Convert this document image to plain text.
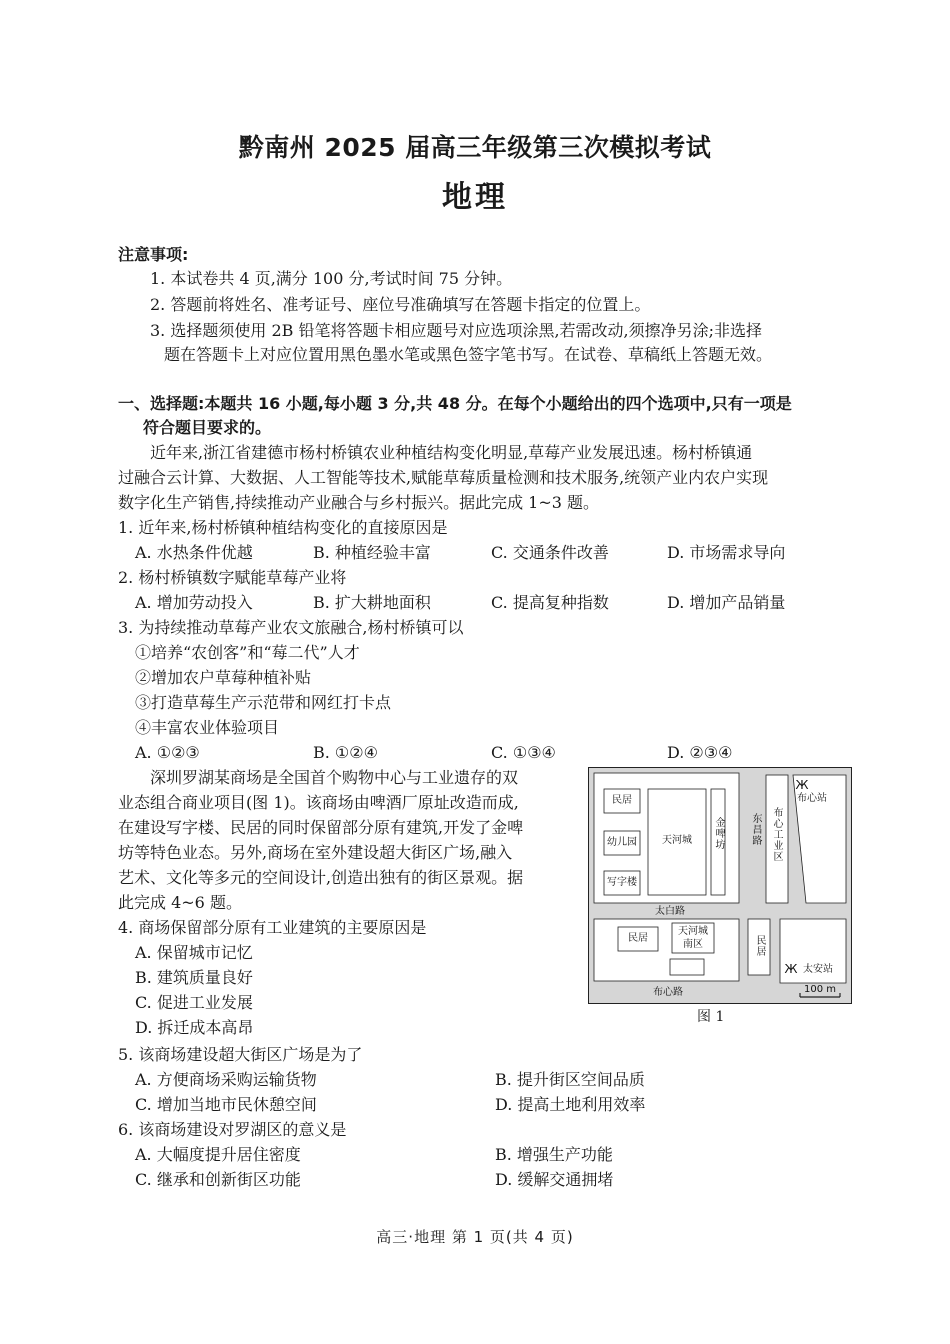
黔南州 2025 届高三年级第三次模拟考试
地理
注意事项:
1. 本试卷共 4 页,满分 100 分,考试时间 75 分钟。
2. 答题前将姓名、准考证号、座位号准确填写在答题卡指定的位置上。
3. 选择题须使用 2B 铅笔将答题卡相应题号对应选项涂黑,若需改动,须擦净另涂;非选择
题在答题卡上对应位置用黑色墨水笔或黑色签字笔书写。在试卷、草稿纸上答题无效。
一、选择题:本题共 16 小题,每小题 3 分,共 48 分。在每个小题给出的四个选项中,只有一项是
符合题目要求的。
近年来,浙江省建德市杨村桥镇农业种植结构变化明显,草莓产业发展迅速。杨村桥镇通
过融合云计算、大数据、人工智能等技术,赋能草莓质量检测和技术服务,统领产业内农户实现
数字化生产销售,持续推动产业融合与乡村振兴。据此完成 1~3 题。
1. 近年来,杨村桥镇种植结构变化的直接原因是
A. 水热条件优越	B. 种植经验丰富	C. 交通条件改善	D. 市场需求导向
2. 杨村桥镇数字赋能草莓产业将
A. 增加劳动投入	B. 扩大耕地面积	C. 提高复种指数	D. 增加产品销量
3. 为持续推动草莓产业农文旅融合,杨村桥镇可以
①培养“农创客”和“莓二代”人才
②增加农户草莓种植补贴
③打造草莓生产示范带和网红打卡点
④丰富农业体验项目
A. ①②③	B. ①②④	C. ①③④	D. ②③④
深圳罗湖某商场是全国首个购物中心与工业遗存的双
业态组合商业项目(图 1)。该商场由啤酒厂原址改造而成,
在建设写字楼、民居的同时保留部分原有建筑,开发了金啤
坊等特色业态。另外,商场在室外建设超大街区广场,融入
艺术、文化等多元的空间设计,创造出独有的街区景观。据
此完成 4~6 题。
4. 商场保留部分原有工业建筑的主要原因是
A. 保留城市记忆
B. 建筑质量良好
C. 促进工业发展
D. 拆迁成本高昂
5. 该商场建设超大街区广场是为了
A. 方便商场采购运输货物	B. 提升街区空间品质
C. 增加当地市民休憩空间	D. 提高土地利用效率
6. 该商场建设对罗湖区的意义是
A. 大幅度提升居住密度	B. 增强生产功能
C. 继承和创新街区功能	D. 缓解交通拥堵
民居
幼儿园
写字楼
天河城	金啤坊	东昌路 布心工业区
Ж
布心站
太白路
民居
天河城南区	民居
Ж 太安站
布心路	100 m
图 1
高三·地理 第 1 页(共 4 页)
